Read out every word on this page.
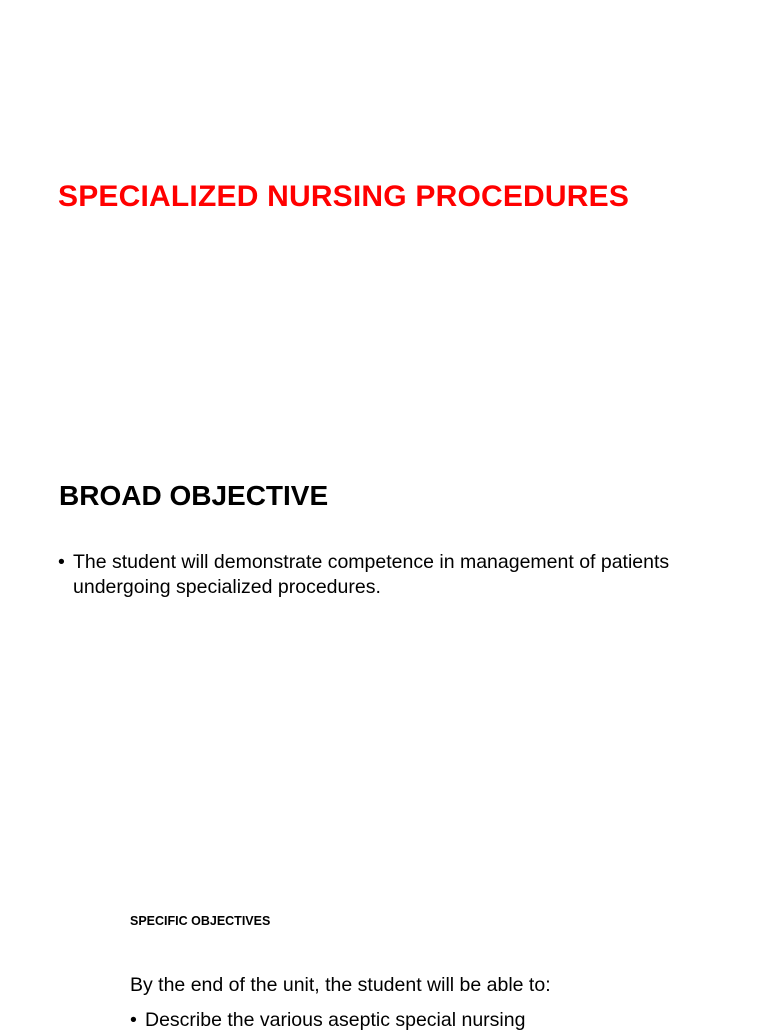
SPECIALIZED NURSING PROCEDURES
BROAD OBJECTIVE
• The student will demonstrate competence in management of patients undergoing specialized procedures.
SPECIFIC OBJECTIVES
By the end of the unit, the student will be able to:
• Describe the various aseptic special nursing
